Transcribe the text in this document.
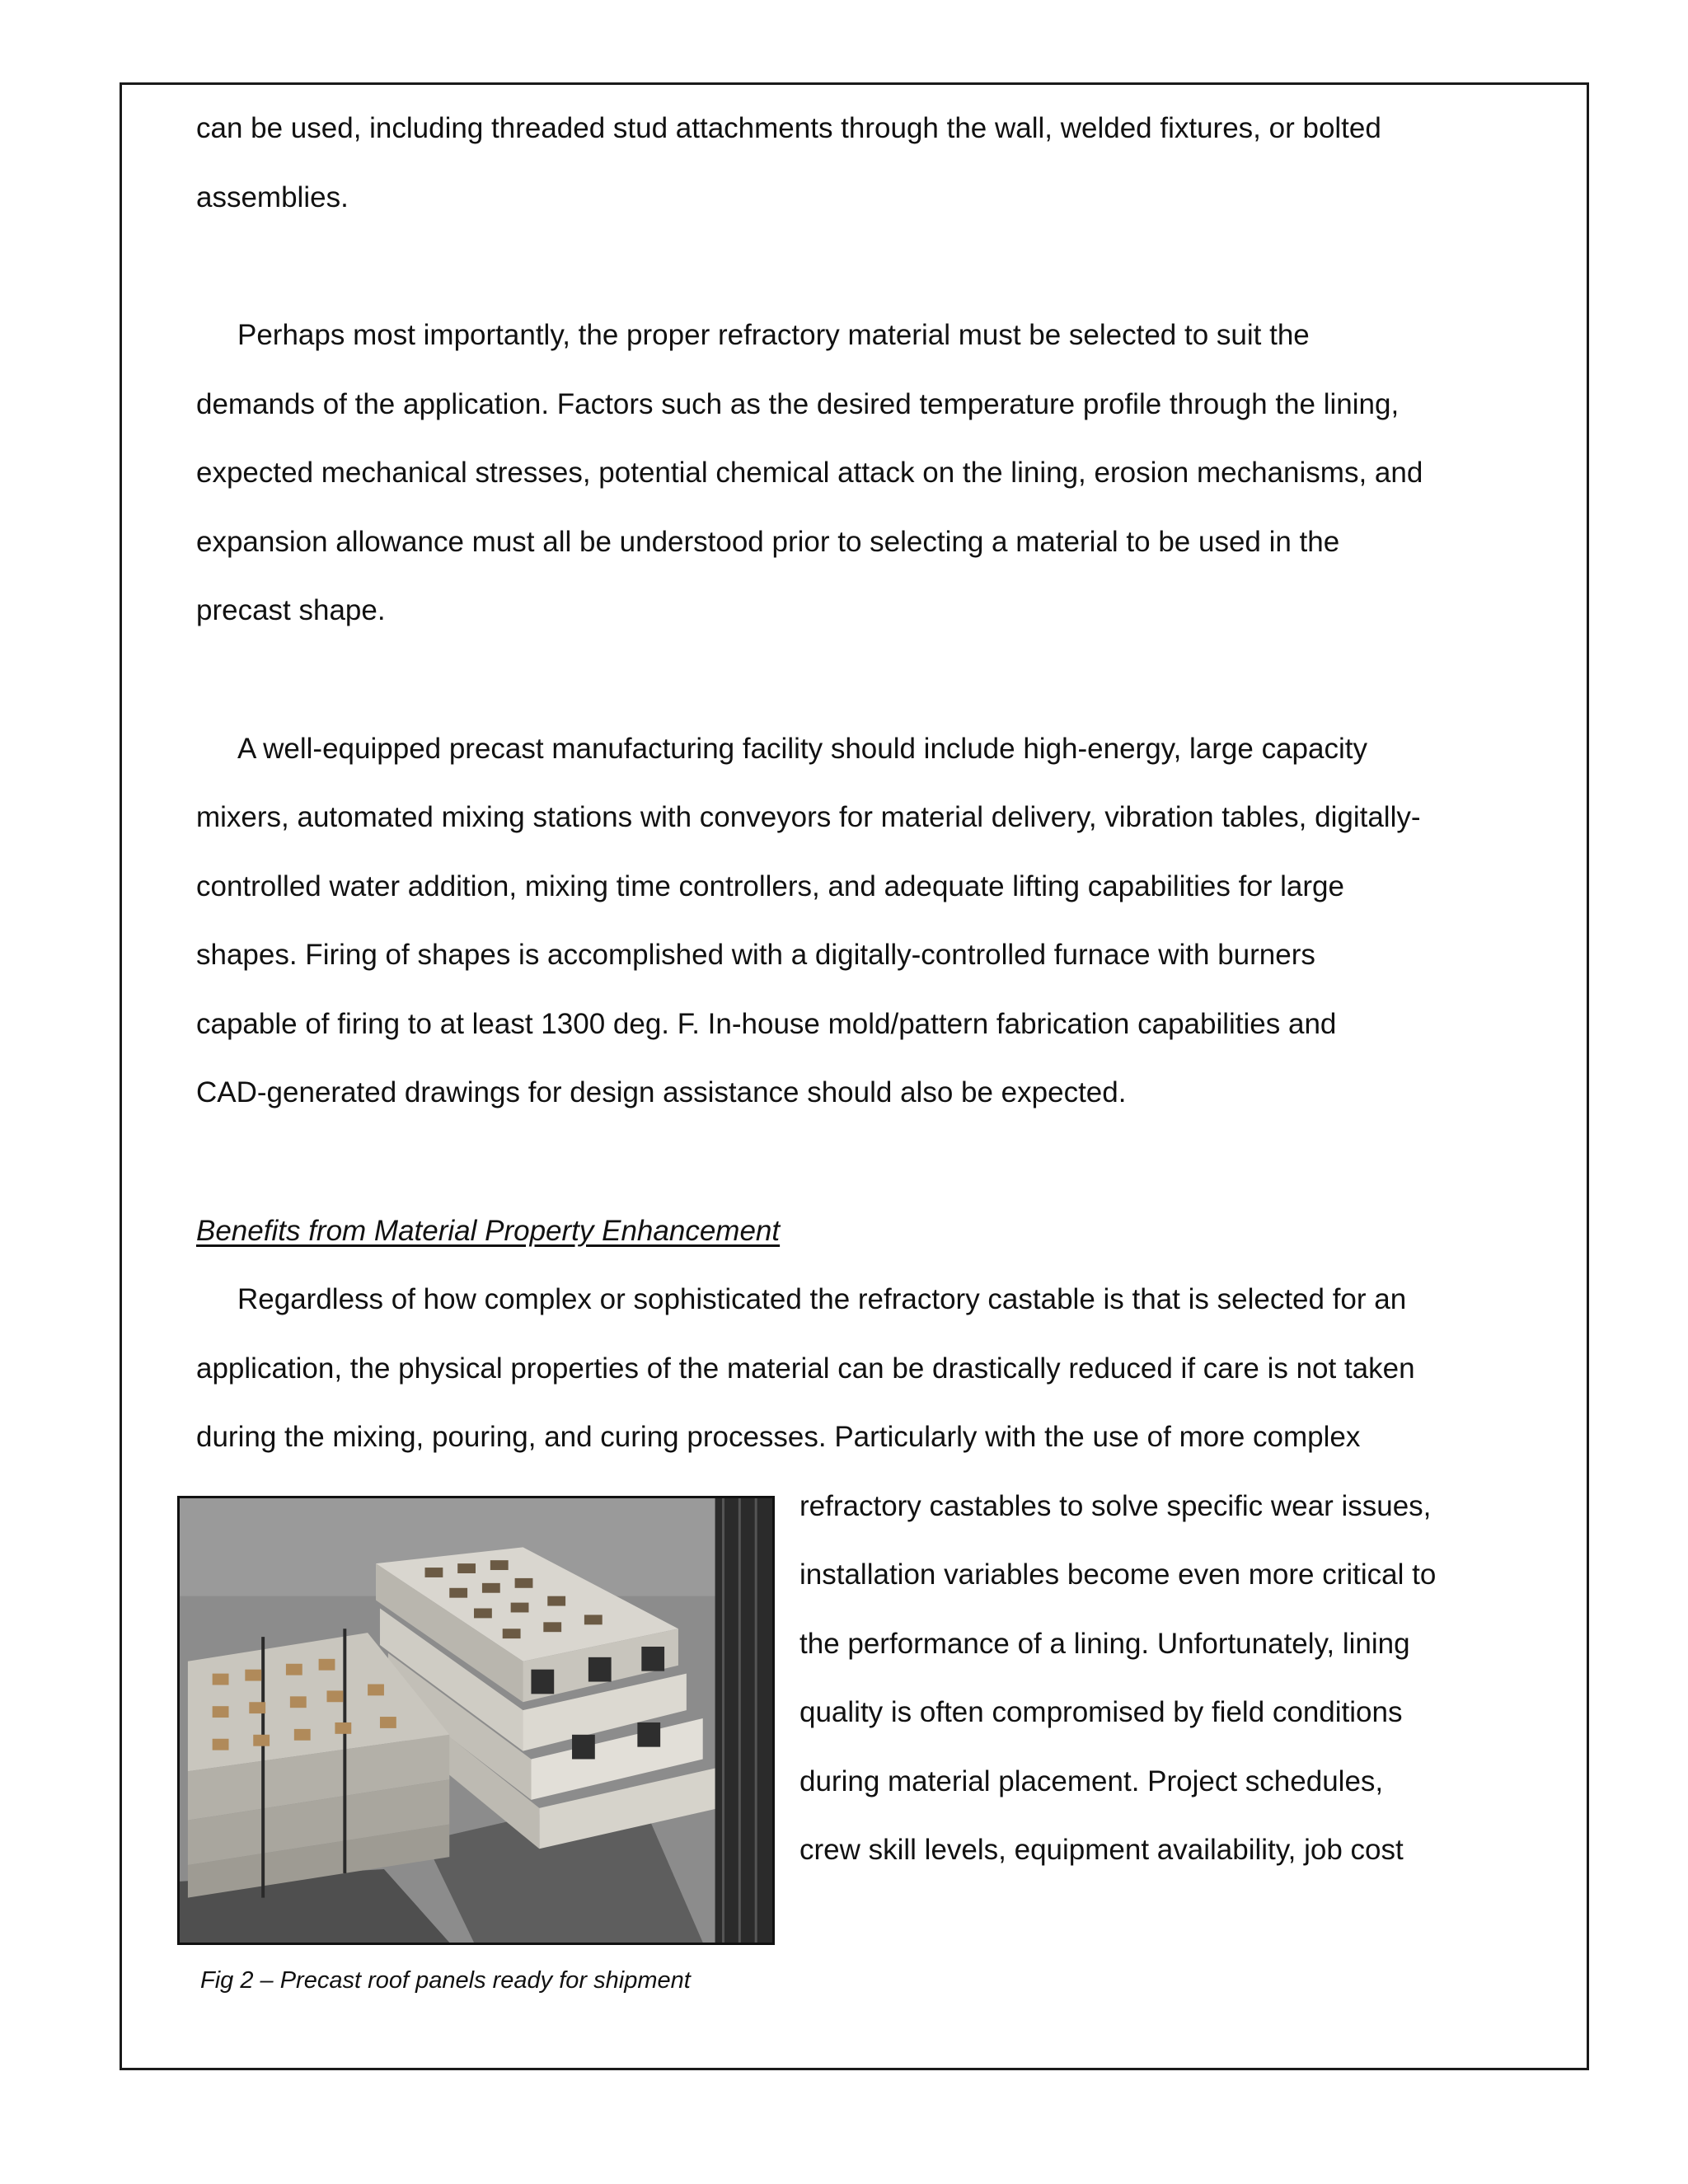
can be used, including threaded stud attachments through the wall, welded fixtures, or bolted
assemblies.
Perhaps most importantly, the proper refractory material must be selected to suit the
demands of the application. Factors such as the desired temperature profile through the lining,
expected mechanical stresses, potential chemical attack on the lining, erosion mechanisms, and
expansion allowance must all be understood prior to selecting a material to be used in the
precast shape.
A well-equipped precast manufacturing facility should include high-energy, large capacity
mixers, automated mixing stations with conveyors for material delivery, vibration tables, digitally-
controlled water addition, mixing time controllers, and adequate lifting capabilities for large
shapes. Firing of shapes is accomplished with a digitally-controlled furnace with burners
capable of firing to at least 1300 deg. F. In-house mold/pattern fabrication capabilities and
CAD-generated drawings for design assistance should also be expected.
Benefits from Material Property Enhancement
Regardless of how complex or sophisticated the refractory castable is that is selected for an
application, the physical properties of the material can be drastically reduced if care is not taken
during the mixing, pouring, and curing processes. Particularly with the use of more complex
refractory castables to solve specific wear issues,
installation variables become even more critical to
the performance of a lining. Unfortunately, lining
quality is often compromised by field conditions
during material placement. Project schedules,
crew skill levels, equipment availability, job cost
Fig 2 – Precast roof panels ready for shipment
